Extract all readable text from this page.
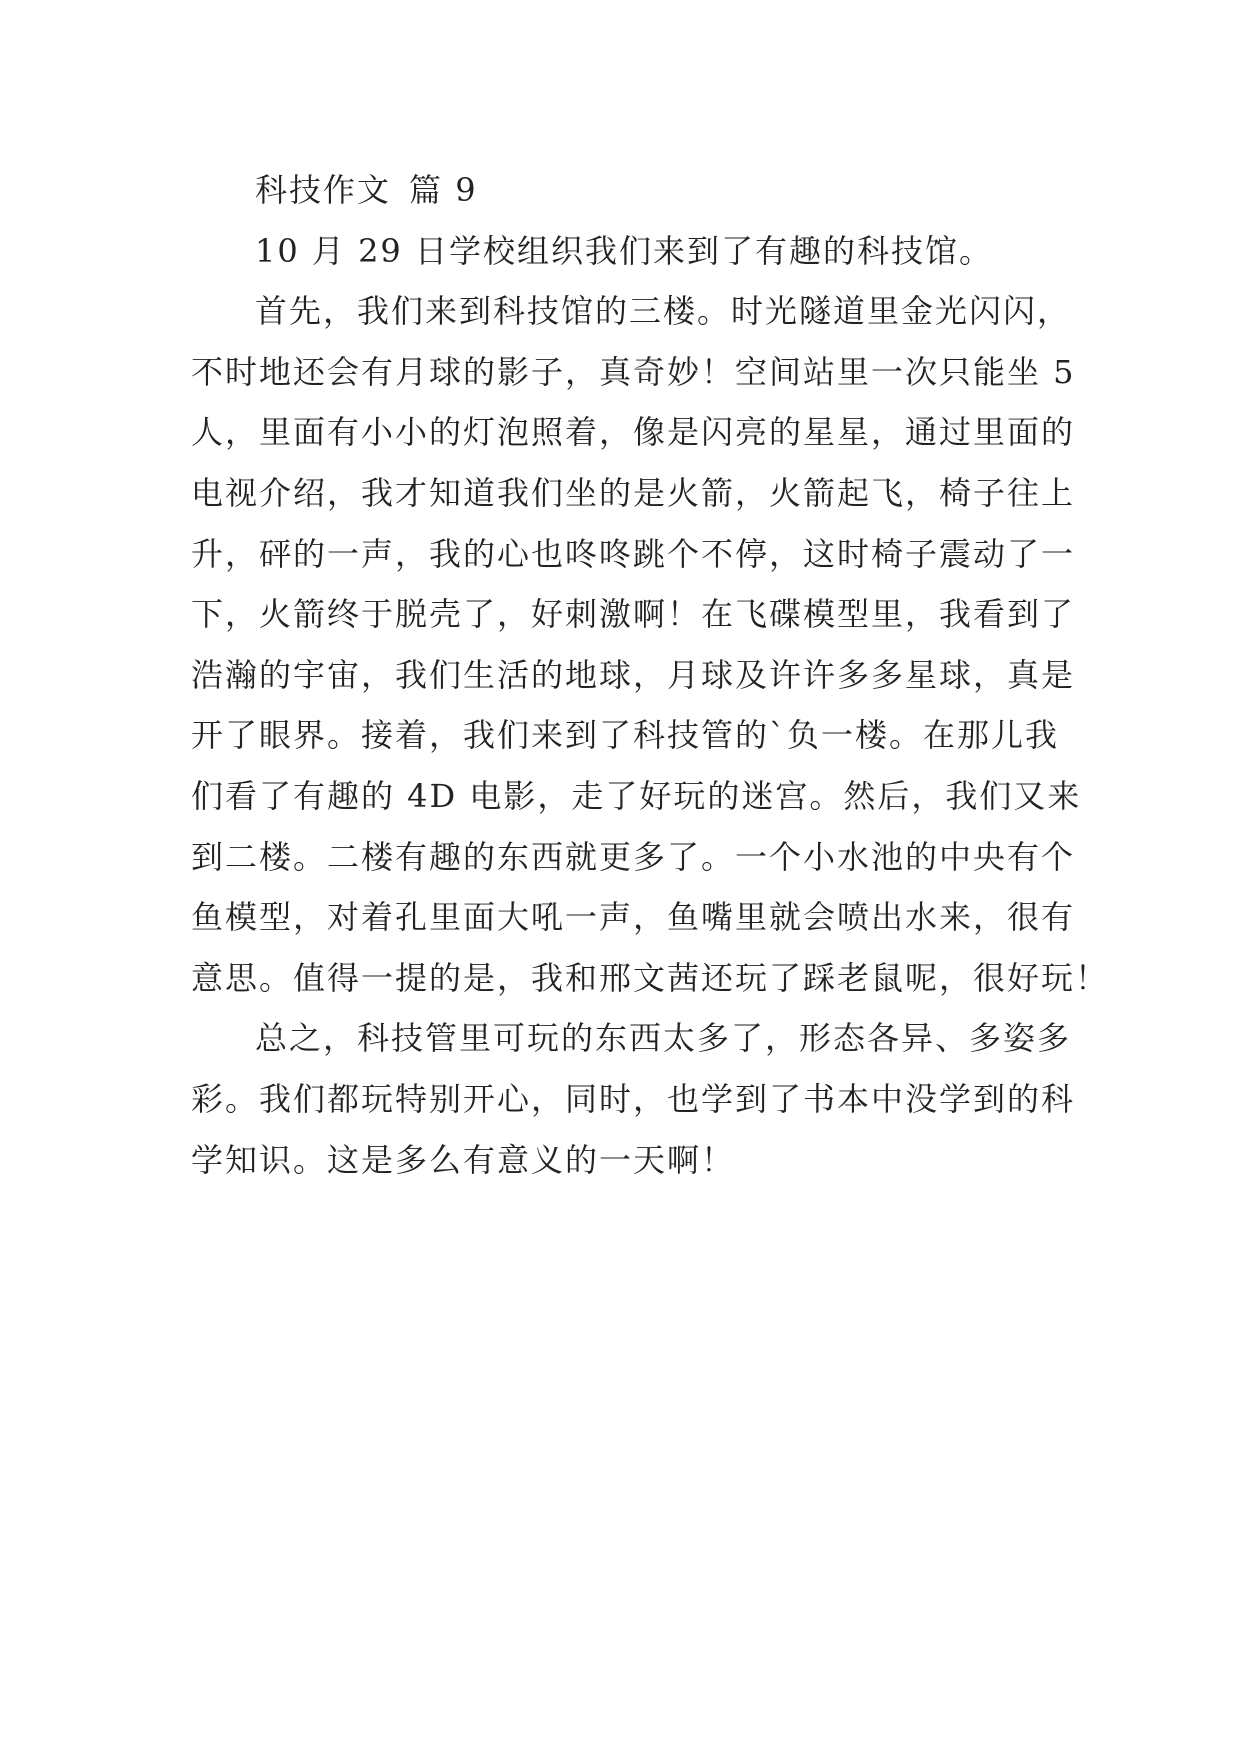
科技作文 篇 9
10 月 29 日学校组织我们来到了有趣的科技馆。
首先，我们来到科技馆的三楼。时光隧道里金光闪闪，
不时地还会有月球的影子，真奇妙！空间站里一次只能坐 5
人，里面有小小的灯泡照着，像是闪亮的星星，通过里面的
电视介绍，我才知道我们坐的是火箭，火箭起飞，椅子往上
升，砰的一声，我的心也咚咚跳个不停，这时椅子震动了一
下，火箭终于脱壳了，好刺激啊！在飞碟模型里，我看到了
浩瀚的宇宙，我们生活的地球，月球及许许多多星球，真是
开了眼界。接着，我们来到了科技管的`负一楼。在那儿我
们看了有趣的 4D 电影，走了好玩的迷宫。然后，我们又来
到二楼。二楼有趣的东西就更多了。一个小水池的中央有个
鱼模型，对着孔里面大吼一声，鱼嘴里就会喷出水来，很有
意思。值得一提的是，我和邢文茜还玩了踩老鼠呢，很好玩！
总之，科技管里可玩的东西太多了，形态各异、多姿多
彩。我们都玩特别开心，同时，也学到了书本中没学到的科
学知识。这是多么有意义的一天啊！
